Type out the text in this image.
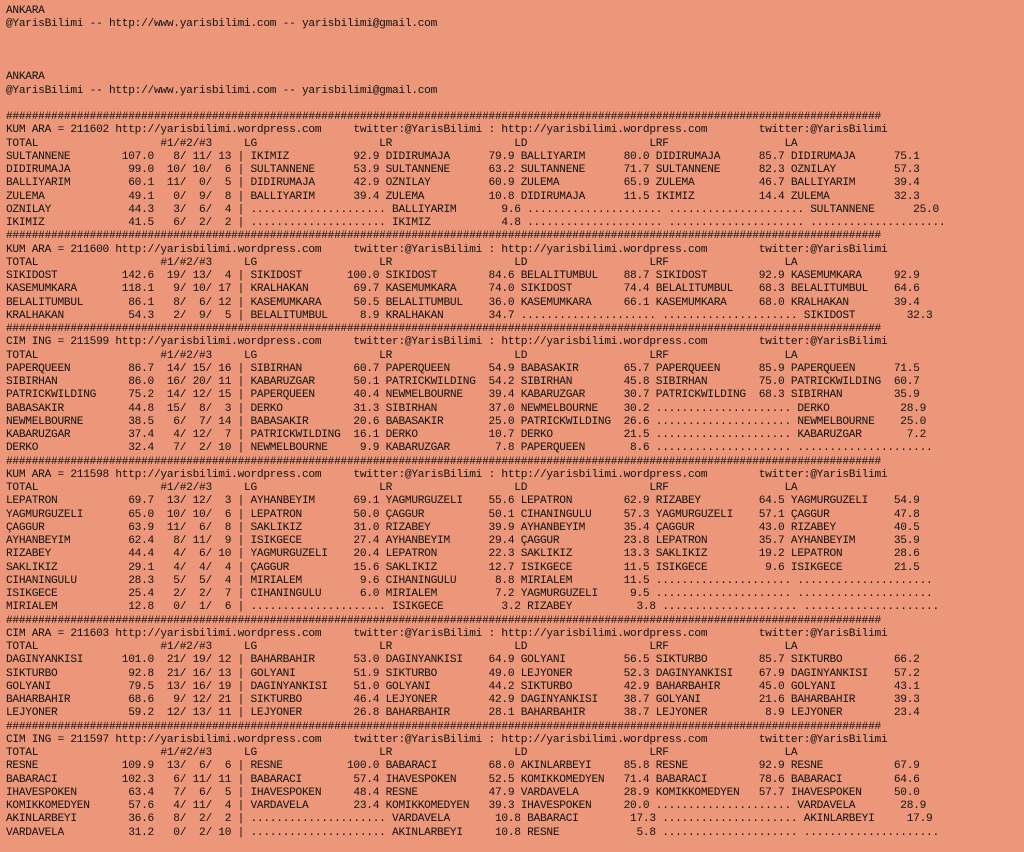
ANKARA
@YarisBilimi -- http://www.yarisbilimi.com -- yarisbilimi@gmail.com
ANKARA
@YarisBilimi -- http://www.yarisbilimi.com -- yarisbilimi@gmail.com
########################################################################################################################################
KUM ARA = 211602 http://yarisbilimi.wordpress.com     twitter:@YarisBilimi : http://yarisbilimi.wordpress.com        twitter:@YarisBilimi
TOTAL                   #1/#2/#3     LG                   LR                   LD                   LRF                  LA
SULTANNENE        107.0   8/ 11/ 13 | IKIMIZ          92.9 DIDIRUMAJA      79.9 BALLIYARIM      80.0 DIDIRUMAJA      85.7 DIDIRUMAJA      75.1
DIDIRUMAJA         99.0  10/ 10/  6 | SULTANNENE      53.9 SULTANNENE      63.2 SULTANNENE      71.7 SULTANNENE      82.3 ÖZNILAY         57.3
BALLIYARIM         60.1  11/  0/  5 | DIDIRUMAJA      42.9 ÖZNILAY         60.9 ZULEMA          65.9 ZULEMA          46.7 BALLIYARIM      39.4
ZULEMA             49.1   0/  9/  8 | BALLIYARIM      39.4 ZULEMA          10.8 DIDIRUMAJA      11.5 IKIMIZ          14.4 ZULEMA          32.3
ÖZNILAY            44.3   3/  6/  4 | ..................... BALLIYARIM       9.6 ..................... ..................... SULTANNENE      25.0
IKIMIZ             41.5   6/  2/  2 | ..................... IKIMIZ           4.8 ..................... ..................... .....................
########################################################################################################################################
KUM ARA = 211600 http://yarisbilimi.wordpress.com     twitter:@YarisBilimi : http://yarisbilimi.wordpress.com        twitter:@YarisBilimi
TOTAL                   #1/#2/#3     LG                   LR                   LD                   LRF                  LA
SIKIDOST          142.6  19/ 13/  4 | SIKIDOST       100.0 SIKIDOST        84.6 BELALITUMBUL    88.7 SIKIDOST        92.9 KASEMUMKARA     92.9
KASEMUMKARA       118.1   9/ 10/ 17 | KRALHAKAN       69.7 KASEMUMKARA     74.0 SIKIDOST        74.4 BELALITUMBUL    68.3 BELALITUMBUL    64.6
BELALITUMBUL       86.1   8/  6/ 12 | KASEMUMKARA     50.5 BELALITUMBUL    36.0 KASEMUMKARA     66.1 KASEMUMKARA     68.0 KRALHAKAN       39.4
KRALHAKAN          54.3   2/  9/  5 | BELALITUMBUL     8.9 KRALHAKAN       34.7 ..................... ..................... SIKIDOST        32.3
########################################################################################################################################
CIM ING = 211599 http://yarisbilimi.wordpress.com     twitter:@YarisBilimi : http://yarisbilimi.wordpress.com        twitter:@YarisBilimi
TOTAL                   #1/#2/#3     LG                   LR                   LD                   LRF                  LA
PAPERQUEEN         86.7  14/ 15/ 16 | SIBIRHAN        60.7 PAPERQUEEN      54.9 BABASAKIR       65.7 PAPERQUEEN      85.9 PAPERQUEEN      71.5
SIBIRHAN           86.0  16/ 20/ 11 | KABARÜZGAR      50.1 PATRICKWILDING  54.2 SIBIRHAN        45.8 SIBIRHAN        75.0 PATRICKWILDING  60.7
PATRICKWILDING     75.2  14/ 12/ 15 | PAPERQUEEN      40.4 NEWMELBOURNE    39.4 KABARÜZGAR      30.7 PATRICKWILDING  68.3 SIBIRHAN        35.9
BABASAKIR          44.8  15/  8/  3 | DERKO           31.3 SIBIRHAN        37.0 NEWMELBOURNE    30.2 ..................... DERKO           28.9
NEWMELBOURNE       38.5   6/  7/ 14 | BABASAKIR       20.6 BABASAKIR       25.0 PATRICKWILDING  26.6 ..................... NEWMELBOURNE    25.0
KABARÜZGAR         37.4   4/ 12/  7 | PATRICKWILDING  16.1 DERKO           10.7 DERKO           21.5 ..................... KABARÜZGAR       7.2
DERKO              32.4   7/  2/ 10 | NEWMELBOURNE     9.9 KABARÜZGAR       7.8 PAPERQUEEN       8.6 ..................... .....................
########################################################################################################################################
KUM ARA = 211598 http://yarisbilimi.wordpress.com     twitter:@YarisBilimi : http://yarisbilimi.wordpress.com        twitter:@YarisBilimi
TOTAL                   #1/#2/#3     LG                   LR                   LD                   LRF                  LA
LEPATRON           69.7  13/ 12/  3 | AYHANBEYIM      69.1 YAGMURGÜZELI    55.6 LEPATRON        62.9 RIZABEY         64.5 YAGMURGÜZELI    54.9
YAGMURGÜZELI       65.0  10/ 10/  6 | LEPATRON        50.0 ÇAGGÜR          50.1 CIHANINGÜLÜ     57.3 YAGMURGÜZELI    57.1 ÇAGGÜR          47.8
ÇAGGÜR             63.9  11/  6/  8 | SAKLIKIZ        31.0 RIZABEY         39.9 AYHANBEYIM      35.4 ÇAGGÜR          43.0 RIZABEY         40.5
AYHANBEYIM         62.4   8/ 11/  9 | ISIKGECE        27.4 AYHANBEYIM      29.4 ÇAGGÜR          23.8 LEPATRON        35.7 AYHANBEYIM      35.9
RIZABEY            44.4   4/  6/ 10 | YAGMURGÜZELI    20.4 LEPATRON        22.3 SAKLIKIZ        13.3 SAKLIKIZ        19.2 LEPATRON        28.6
SAKLIKIZ           29.1   4/  4/  4 | ÇAGGÜR          15.6 SAKLIKIZ        12.7 ISIKGECE        11.5 ISIKGECE         9.6 ISIKGECE        21.5
CIHANINGÜLÜ        28.3   5/  5/  4 | MIRIALEM         9.6 CIHANINGÜLÜ      8.8 MIRIALEM        11.5 ..................... .....................
ISIKGECE           25.4   2/  2/  7 | CIHANINGÜLÜ      6.0 MIRIALEM         7.2 YAGMURGÜZELI     9.5 ..................... .....................
MIRIALEM           12.8   0/  1/  6 | ..................... ISIKGECE         3.2 RIZABEY          3.8 ..................... .....................
########################################################################################################################################
CIM ARA = 211603 http://yarisbilimi.wordpress.com     twitter:@YarisBilimi : http://yarisbilimi.wordpress.com        twitter:@YarisBilimi
TOTAL                   #1/#2/#3     LG                   LR                   LD                   LRF                  LA
DAGINYANKISI      101.0  21/ 19/ 12 | BAHARBAHIR      53.0 DAGINYANKISI    64.9 GÖLYANI         56.5 SIKTURBO        85.7 SIKTURBO        66.2
SIKTURBO           92.8  21/ 16/ 13 | GÖLYANI         51.9 SIKTURBO        49.0 LEJYONER        52.3 DAGINYANKISI    67.9 DAGINYANKISI    57.2
GÖLYANI            79.5  13/ 16/ 19 | DAGINYANKISI    51.0 GÖLYANI         44.2 SIKTURBO        42.9 BAHARBAHIR      45.0 GÖLYANI         43.1
BAHARBAHIR         68.6   9/ 12/ 21 | SIKTURBO        46.4 LEJYONER        42.9 DAGINYANKISI    38.7 GÖLYANI         21.6 BAHARBAHIR      39.3
LEJYONER           59.2  12/ 13/ 11 | LEJYONER        26.8 BAHARBAHIR      28.1 BAHARBAHIR      38.7 LEJYONER         8.9 LEJYONER        23.4
########################################################################################################################################
CIM ING = 211597 http://yarisbilimi.wordpress.com     twitter:@YarisBilimi : http://yarisbilimi.wordpress.com        twitter:@YarisBilimi
TOTAL                   #1/#2/#3     LG                   LR                   LD                   LRF                  LA
RESNE             109.9  13/  6/  6 | RESNE          100.0 BABARACI        68.0 AKINLARBEYI     85.8 RESNE           92.9 RESNE           67.9
BABARACI          102.3   6/ 11/ 11 | BABARACI        57.4 IHAVESPOKEN     52.5 KOMIKKOMEDYEN   71.4 BABARACI        78.6 BABARACI        64.6
IHAVESPOKEN        63.4   7/  6/  5 | IHAVESPOKEN     48.4 RESNE           47.9 VARDAVELA       28.9 KOMIKKOMEDYEN   57.7 IHAVESPOKEN     50.0
KOMIKKOMEDYEN      57.6   4/ 11/  4 | VARDAVELA       23.4 KOMIKKOMEDYEN   39.3 IHAVESPOKEN     20.0 ..................... VARDAVELA       28.9
AKINLARBEYI        36.6   8/  2/  2 | ..................... VARDAVELA       10.8 BABARACI        17.3 ..................... AKINLARBEYI     17.9
VARDAVELA          31.2   0/  2/ 10 | ..................... AKINLARBEYI     10.8 RESNE            5.8 ..................... .....................
